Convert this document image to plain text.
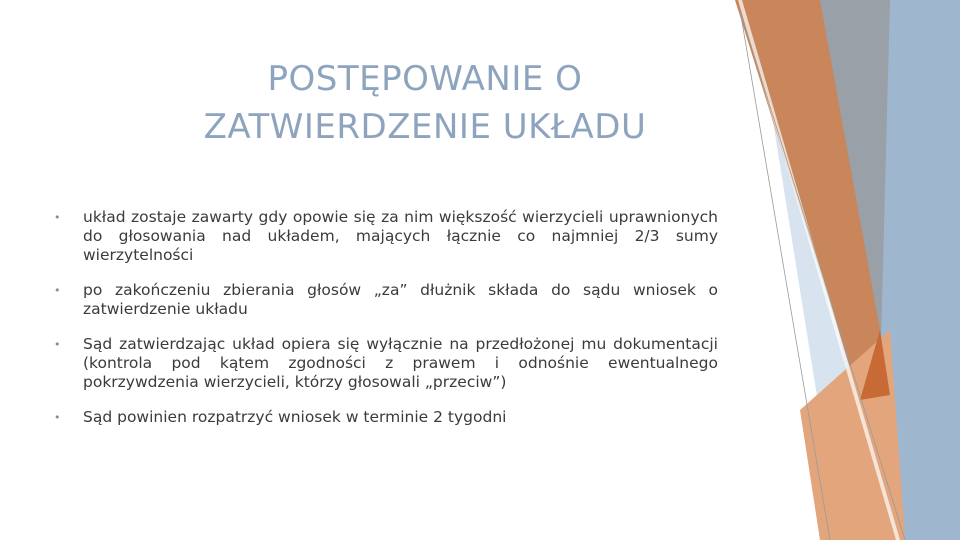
POSTĘPOWANIE O
ZATWIERDZENIE UKŁADU
• układ zostaje zawarty gdy opowie się za nim większość wierzycieli uprawnionych do głosowania nad układem, mających łącznie co najmniej 2/3 sumy wierzytelności
• po zakończeniu zbierania głosów „za” dłużnik składa do sądu wniosek o zatwierdzenie układu
• Sąd zatwierdzając układ opiera się wyłącznie na przedłożonej mu dokumentacji (kontrola pod kątem zgodności z prawem i odnośnie ewentualnego pokrzywdzenia wierzycieli, którzy głosowali „przeciw”)
• Sąd powinien rozpatrzyć wniosek w terminie 2 tygodni
